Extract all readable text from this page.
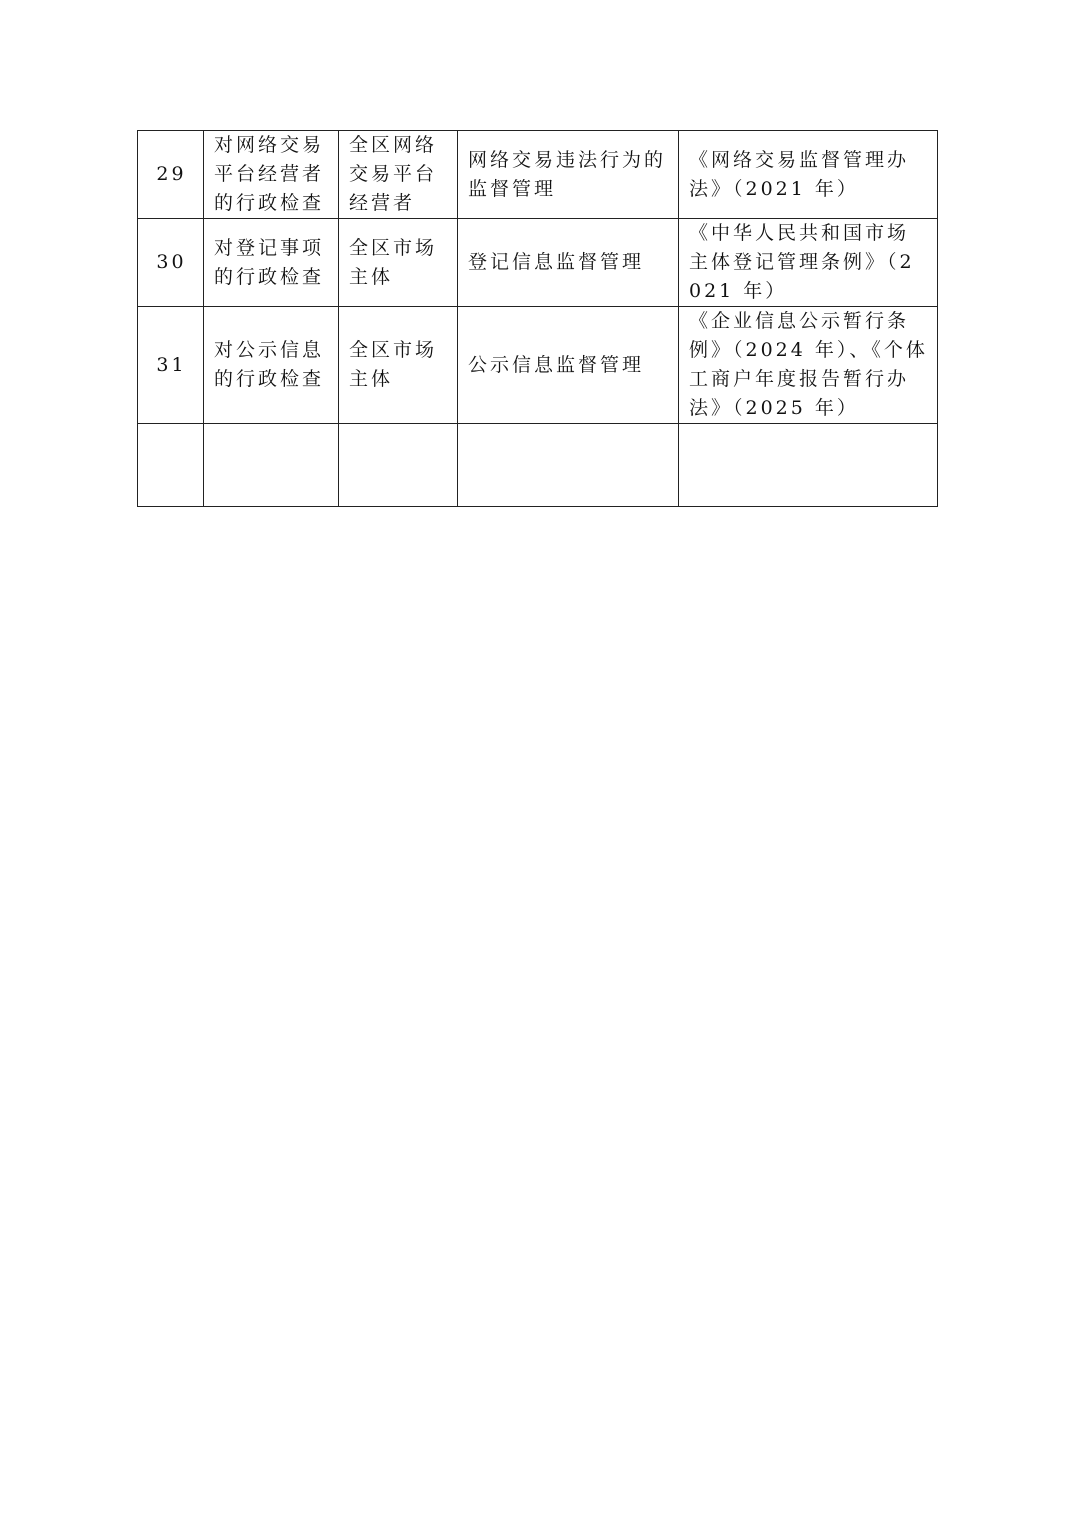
29	对网络交易平台经营者的行政检查	全区网络交易平台经营者	网络交易违法行为的监督管理	《网络交易监督管理办法》（2021 年）
30	对登记事项的行政检查	全区市场主体	登记信息监督管理	《中华人民共和国市场主体登记管理条例》（2021 年）
31	对公示信息的行政检查	全区市场主体	公示信息监督管理	《企业信息公示暂行条例》（2024 年）、《个体工商户年度报告暂行办法》（2025 年）
